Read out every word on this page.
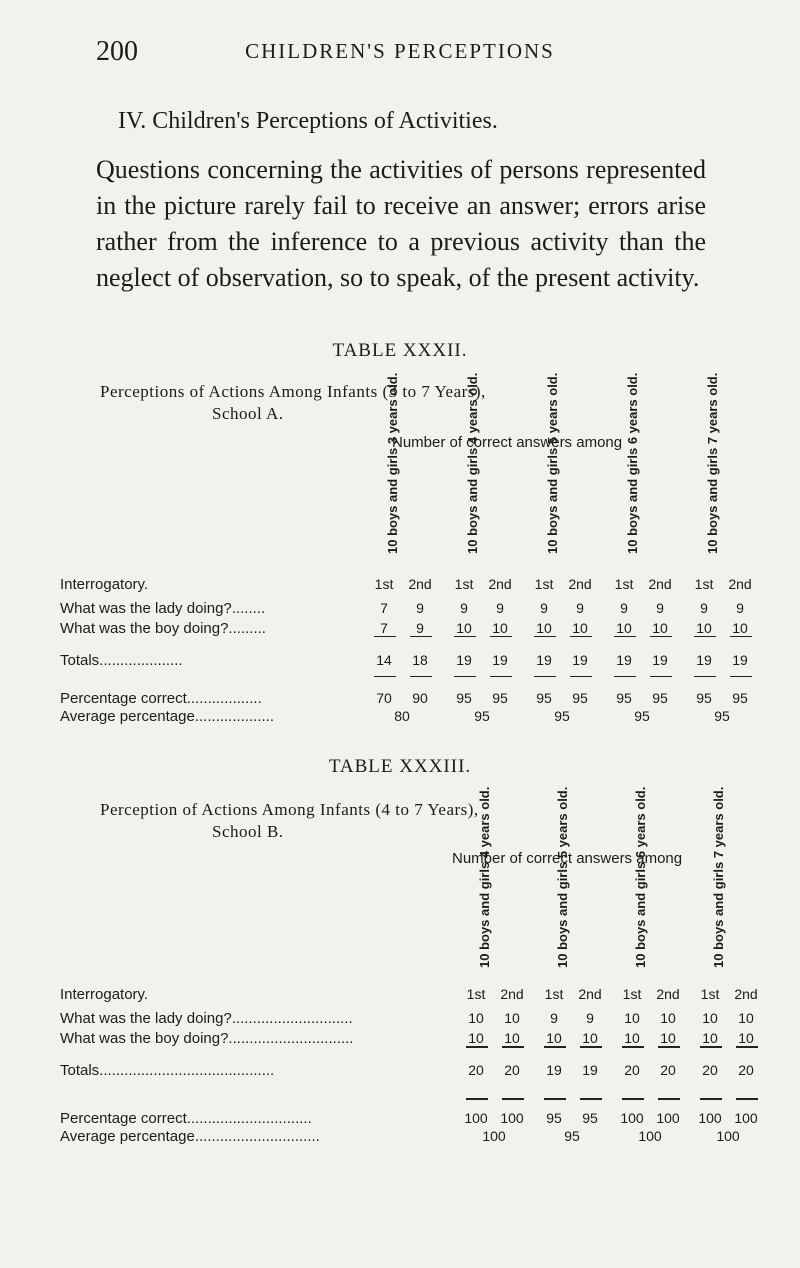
200	CHILDREN'S PERCEPTIONS
IV. Children's Perceptions of Activities.
Questions concerning the activities of persons represented in the picture rarely fail to receive an answer; errors arise rather from the inference to a previous activity than the neglect of observation, so to speak, of the present activity.
TABLE XXXII.
Perceptions of Actions Among Infants (3 to 7 Years),
School A.
Number of correct answers among
10 boys and girls 3 years old.	10 boys and girls 4 years old.	10 boys and girls 5 years old.	10 boys and girls 6 years old.	10 boys and girls 7 years old.
Interrogatory.	1st	2nd	1st	2nd	1st	2nd	1st	2nd	1st	2nd
What was the lady doing?........	7	9	9	9	9	9	9	9	9	9
What was the boy doing?.........	7	9	10	10	10	10	10	10	10	10
Totals....................	14	18	19	19	19	19	19	19	19	19
Percentage correct..................	70	90	95	95	95	95	95	95	95	95
Average percentage...................	80	95	95	95	95
TABLE XXXIII.
Perception of Actions Among Infants (4 to 7 Years),
School B.
Number of correct answers among
10 boys and girls 4 years old.	10 boys and girls 5 years old.	10 boys and girls 6 years old.	10 boys and girls 7 years old.
Interrogatory.	1st	2nd	1st	2nd	1st	2nd	1st	2nd
What was the lady doing?.............................	10	10	9	9	10	10	10	10
What was the boy doing?..............................	10	10	10	10	10	10	10	10
Totals..........................................	20	20	19	19	20	20	20	20
Percentage correct..............................	100 100	95	95	100 100	100 100
Average percentage..............................	100	95	100	100
